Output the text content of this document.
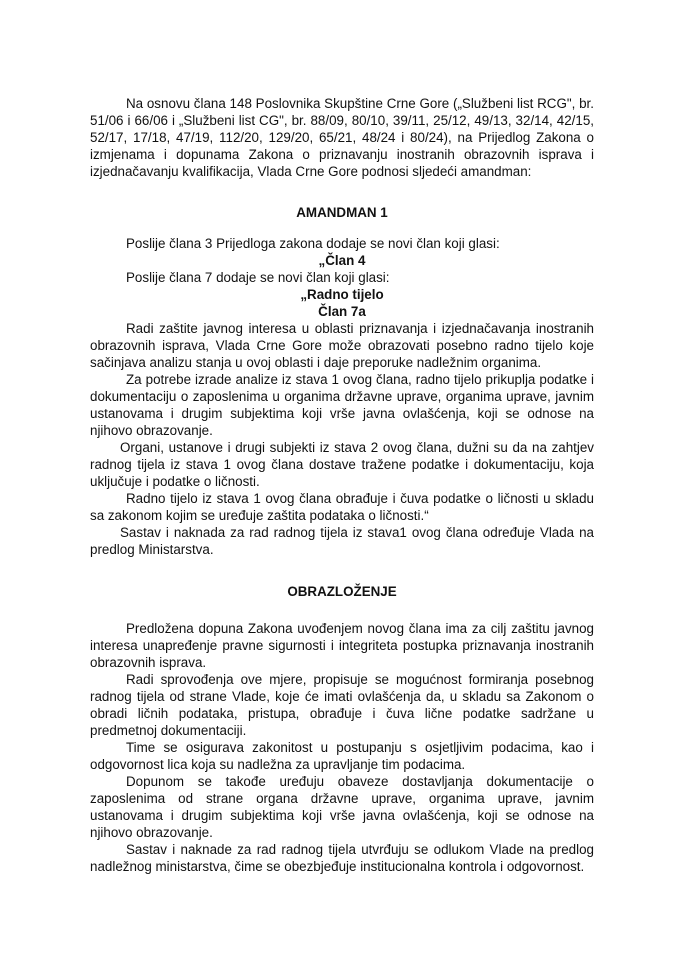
Na osnovu člana 148 Poslovnika Skupštine Crne Gore („Službeni list RCG", br. 51/06 i 66/06 i „Službeni list CG", br. 88/09, 80/10, 39/11, 25/12, 49/13, 32/14, 42/15, 52/17, 17/18, 47/19, 112/20, 129/20, 65/21, 48/24 i 80/24), na Prijedlog Zakona o izmjenama i dopunama Zakona o priznavanju inostranih obrazovnih isprava i izjednačavanju kvalifikacija, Vlada Crne Gore podnosi sljedeći amandman:

AMANDMAN 1

Poslije člana 3 Prijedloga zakona dodaje se novi član koji glasi:

„Član 4

Poslije člana 7 dodaje se novi član koji glasi:

„Radno tijelo

Član 7a

Radi zaštite javnog interesa u oblasti priznavanja i izjednačavanja inostranih obrazovnih isprava, Vlada Crne Gore može obrazovati posebno radno tijelo koje sačinjava analizu stanja u ovoj oblasti i daje preporuke nadležnim organima.

Za potrebe izrade analize iz stava 1 ovog člana, radno tijelo prikuplja podatke i dokumentaciju o zaposlenima u organima državne uprave, organima uprave, javnim ustanovama i drugim subjektima koji vrše javna ovlašćenja, koji se odnose na njihovo obrazovanje.

Organi, ustanove i drugi subjekti iz stava 2 ovog člana, dužni su da na zahtjev radnog tijela iz stava 1 ovog člana dostave tražene podatke i dokumentaciju, koja uključuje i podatke o ličnosti.

Radno tijelo iz stava 1 ovog člana obrađuje i čuva podatke o ličnosti u skladu sa zakonom kojim se uređuje zaštita podataka o ličnosti.“

Sastav i naknada za rad radnog tijela iz stava1 ovog člana određuje Vlada na predlog Ministarstva.

OBRAZLOŽENJE

Predložena dopuna Zakona uvođenjem novog člana ima za cilj zaštitu javnog interesa unapređenje pravne sigurnosti i integriteta postupka priznavanja inostranih obrazovnih isprava.

Radi sprovođenja ove mjere, propisuje se mogućnost formiranja posebnog radnog tijela od strane Vlade, koje će imati ovlašćenja da, u skladu sa Zakonom o obradi ličnih podataka, pristupa, obrađuje i čuva lične podatke sadržane u predmetnoj dokumentaciji.

Time se osigurava zakonitost u postupanju s osjetljivim podacima, kao i odgovornost lica koja su nadležna za upravljanje tim podacima.

Dopunom se takođe uređuju obaveze dostavljanja dokumentacije o zaposlenima od strane organa državne uprave, organima uprave, javnim ustanovama i drugim subjektima koji vrše javna ovlašćenja, koji se odnose na njihovo obrazovanje.

Sastav i naknade za rad radnog tijela utvrđuju se odlukom Vlade na predlog nadležnog ministarstva, čime se obezbjeđuje institucionalna kontrola i odgovornost.
